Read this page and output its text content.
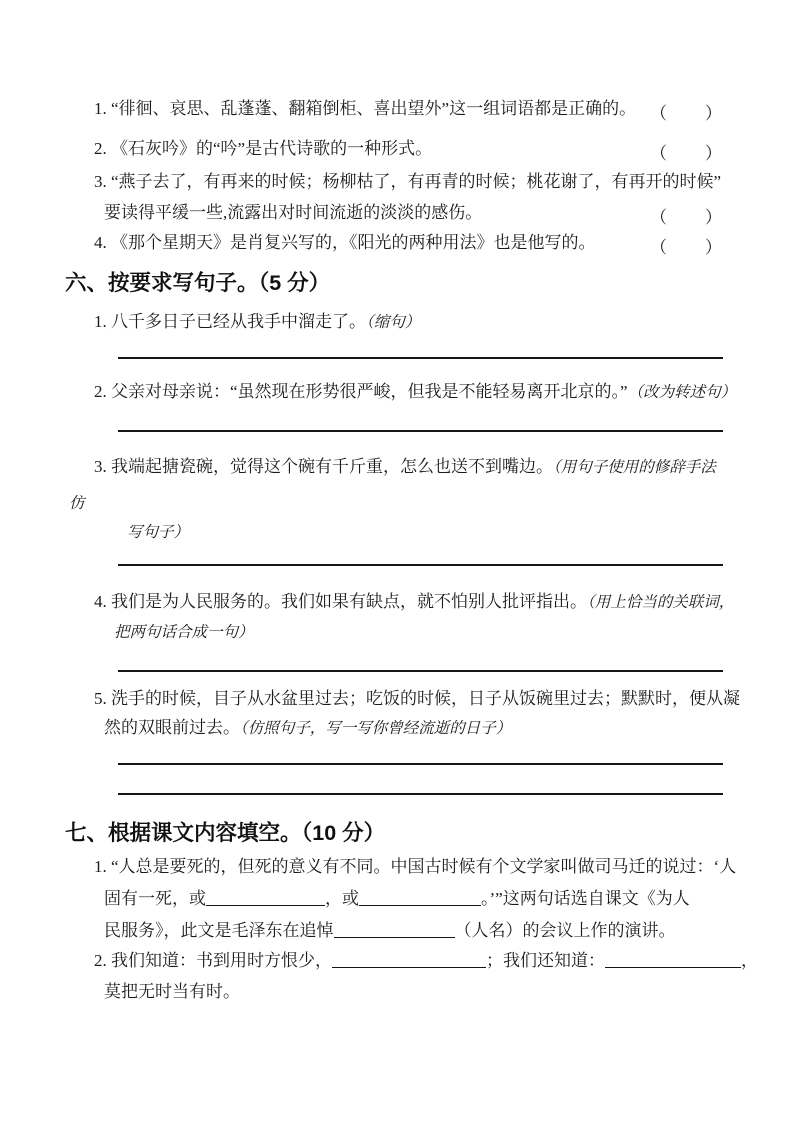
1. “徘徊、哀思、乱蓬蓬、翻箱倒柜、喜出望外”这一组词语都是正确的。 （ ）
2. 《石灰吟》的“吟”是古代诗歌的一种形式。	（ ）
3. “燕子去了，有再来的时候；杨柳枯了，有再青的时候；桃花谢了，有再开的时候”
要读得平缓一些,流露出对时间流逝的淡淡的感伤。	（ ）
4. 《那个星期天》是肖复兴写的，《阳光的两种用法》也是他写的。	（ ）
六、按要求写句子。（5 分）
1. 八千多日子已经从我手中溜走了。（缩句）
2. 父亲对母亲说：“虽然现在形势很严峻，但我是不能轻易离开北京的。”（改为转述句）
3. 我端起搪瓷碗，觉得这个碗有千斤重，怎么也送不到嘴边。（用句子使用的修辞手法
仿
写句子）
4. 我们是为人民服务的。我们如果有缺点，就不怕别人批评指出。（用上恰当的关联词，
把两句话合成一句）
5. 洗手的时候，目子从水盆里过去；吃饭的时候，日子从饭碗里过去；默默时，便从凝
然的双眼前过去。（仿照句子，写一写你曾经流逝的日子）
七、根据课文内容填空。（10 分）
1. “人总是要死的，但死的意义有不同。中国古时候有个文学家叫做司马迁的说过：‘人
固有一死，或	，或	。’”这两句话选自课文《为人
民服务》，此文是毛泽东在追悼	（人名）的会议上作的演讲。
2. 我们知道：书到用时方恨少，	；我们还知道：	，
莫把无时当有时。
